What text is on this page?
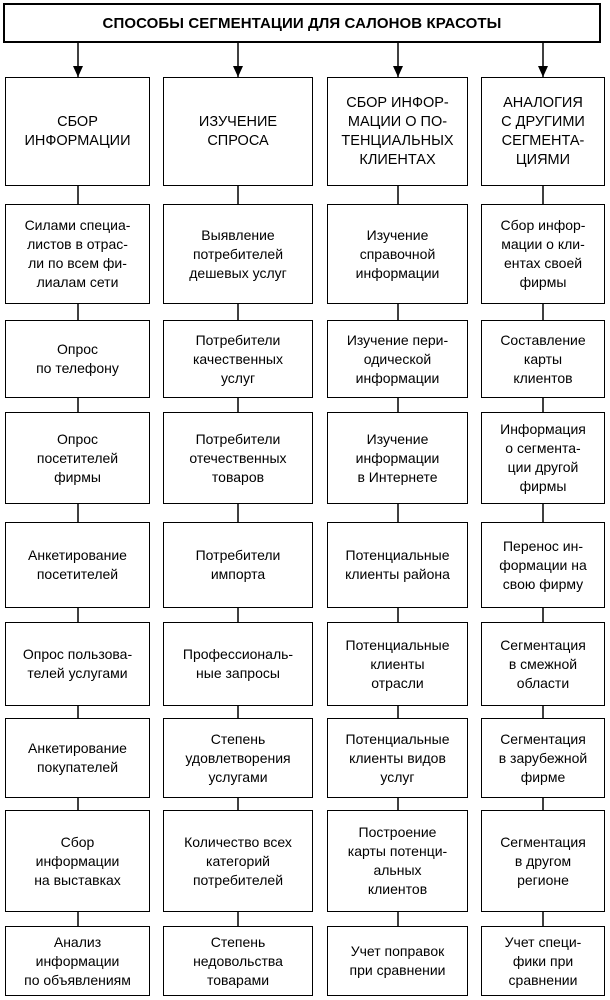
СПОСОБЫ СЕГМЕНТАЦИИ ДЛЯ САЛОНОВ КРАСОТЫ
СБОР
ИНФОРМАЦИИ
Силами специа-
листов в отрас-
ли по всем фи-
лиалам сети
Опрос
по телефону
Опрос
посетителей
фирмы
Анкетирование
посетителей
Опрос пользова-
телей услугами
Анкетирование
покупателей
Сбор
информации
на выставках
Анализ
информации
по объявлениям
ИЗУЧЕНИЕ
СПРОСА
Выявление
потребителей
дешевых услуг
Потребители
качественных
услуг
Потребители
отечественных
товаров
Потребители
импорта
Профессиональ-
ные запросы
Степень
удовлетворения
услугами
Количество всех
категорий
потребителей
Степень
недовольства
товарами
СБОР ИНФОР-
МАЦИИ О ПО-
ТЕНЦИАЛЬНЫХ
КЛИЕНТАХ
Изучение
справочной
информации
Изучение пери-
одической
информации
Изучение
информации
в Интернете
Потенциальные
клиенты района
Потенциальные
клиенты
отрасли
Потенциальные
клиенты видов
услуг
Построение
карты потенци-
альных
клиентов
Учет поправок
при сравнении
АНАЛОГИЯ
С ДРУГИМИ
СЕГМЕНТА-
ЦИЯМИ
Сбор инфор-
мации о кли-
ентах своей
фирмы
Составление
карты
клиентов
Информация
о сегмента-
ции другой
фирмы
Перенос ин-
формации на
свою фирму
Сегментация
в смежной
области
Сегментация
в зарубежной
фирме
Сегментация
в другом
регионе
Учет специ-
фики при
сравнении
